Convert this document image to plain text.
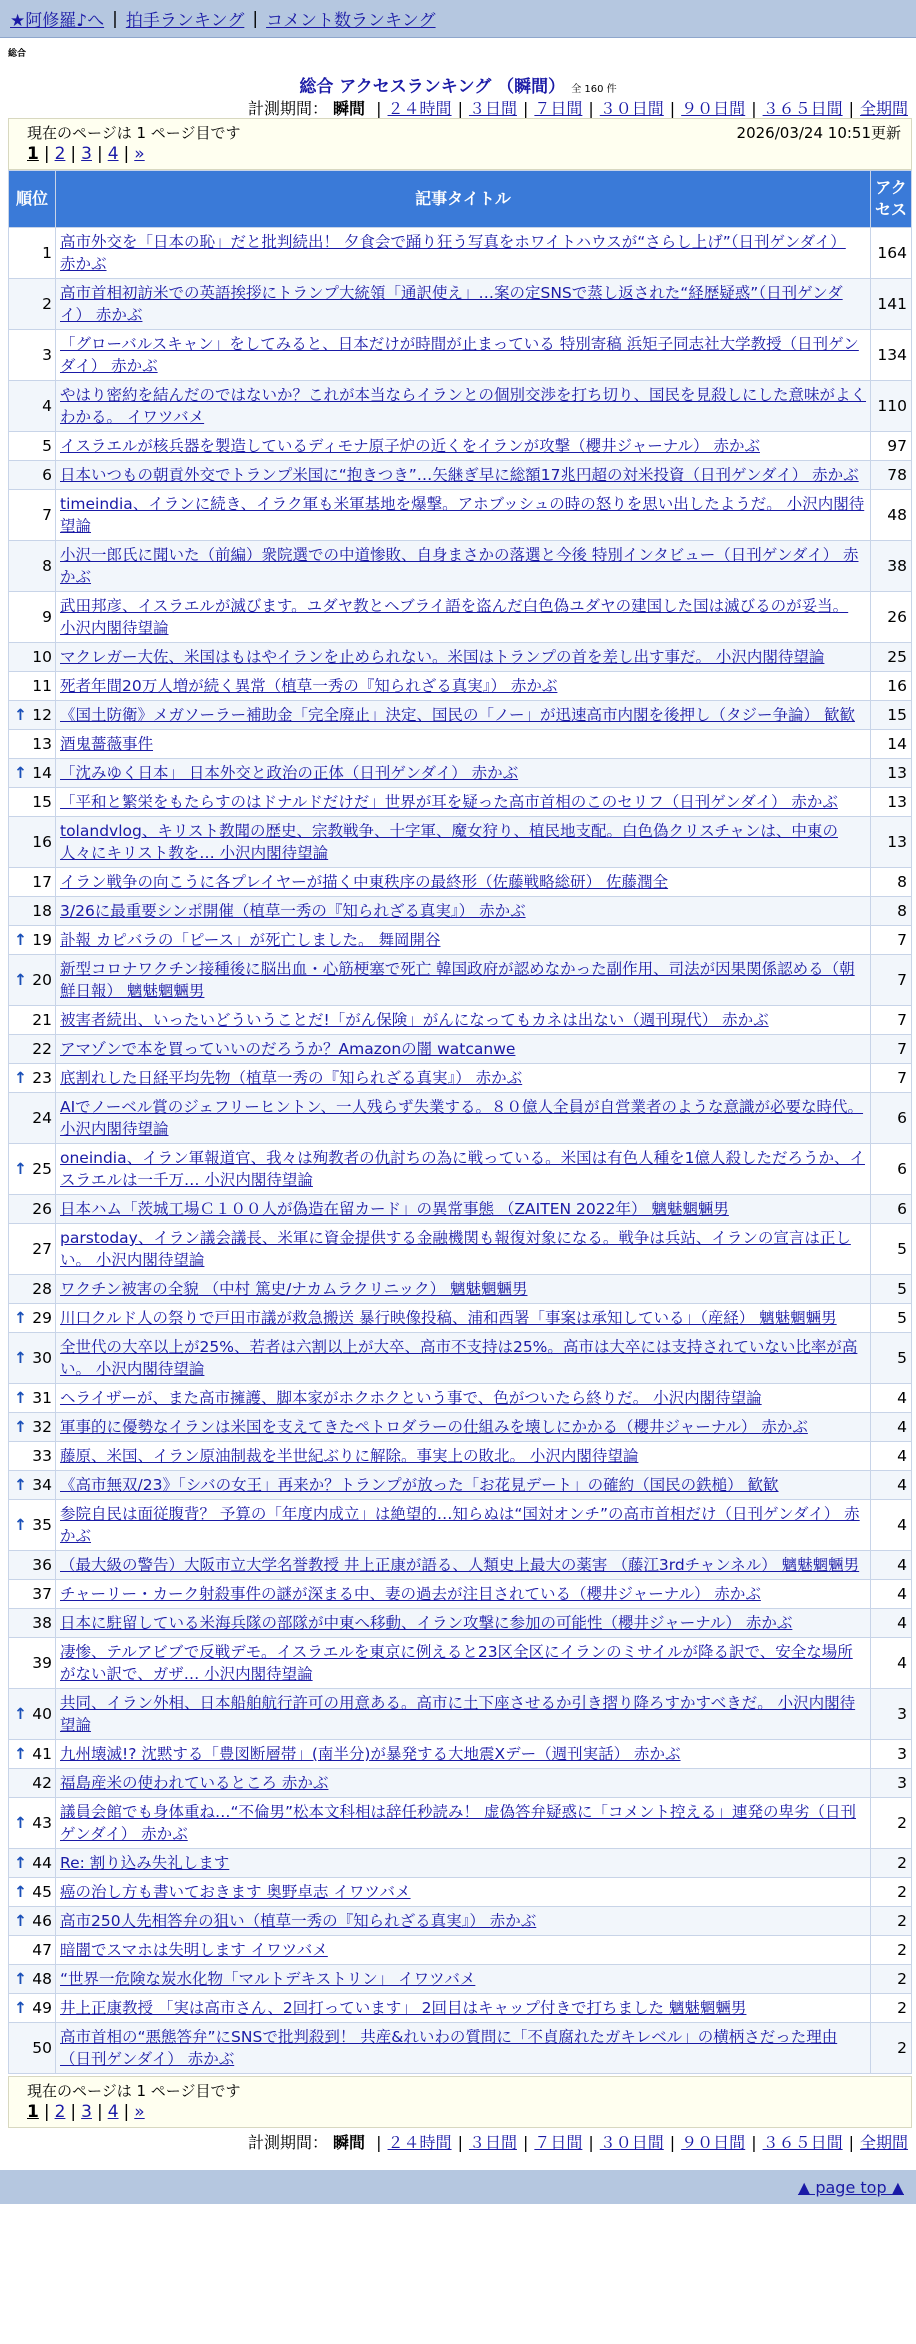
★阿修羅♪へ | 拍手ランキング | コメント数ランキング
総合
総合 アクセスランキング （瞬間） 全 160 件
計測期間： 瞬間 | ２４時間 | ３日間 | ７日間 | ３０日間 | ９０日間 | ３６５日間 | 全期間
現在のページは 1 ページ目です	2026/03/24 10:51更新
1 | 2 | 3 | 4 | »
順位	記事タイトル	アクセス
1	高市外交を「日本の恥」だと批判続出！ 夕食会で踊り狂う写真をホワイトハウスが“さらし上げ”（日刊ゲンダイ） 赤かぶ	164
2	高市首相初訪米での英語挨拶にトランプ大統領「通訳使え」…案の定SNSで蒸し返された“経歴疑惑”（日刊ゲンダイ） 赤かぶ	141
3	「グローバルスキャン」をしてみると、日本だけが時間が止まっている 特別寄稿 浜矩子同志社大学教授（日刊ゲンダイ） 赤かぶ	134
4	やはり密約を結んだのではないか？これが本当ならイランとの個別交渉を打ち切り、国民を見殺しにした意味がよくわかる。 イワツバメ	110
5	イスラエルが核兵器を製造しているディモナ原子炉の近くをイランが攻撃（櫻井ジャーナル） 赤かぶ	97
6	日本いつもの朝貢外交でトランプ米国に“抱きつき”…矢継ぎ早に総額17兆円超の対米投資（日刊ゲンダイ） 赤かぶ	78
7	timeindia、イランに続き、イラク軍も米軍基地を爆撃。アホブッシュの時の怒りを思い出したようだ。 小沢内閣待望論	48
8	小沢一郎氏に聞いた（前編）衆院選での中道惨敗、自身まさかの落選と今後 特別インタビュー（日刊ゲンダイ） 赤かぶ	38
9	武田邦彦、イスラエルが滅びます。ユダヤ教とヘブライ語を盗んだ白色偽ユダヤの建国した国は滅びるのが妥当。 小沢内閣待望論	26
10	マクレガー大佐、米国はもはやイランを止められない。米国はトランプの首を差し出す事だ。 小沢内閣待望論	25
11	死者年間20万人増が続く異常（植草一秀の『知られざる真実』） 赤かぶ	16

↑ 12	《国土防衛》メガソーラー補助金「完全廃止」決定、国民の「ノー」が迅速高市内閣を後押し（タジー争論） 歓歓	15
13	酒鬼薔薇事件	14

↑ 14	「沈みゆく日本」 日本外交と政治の正体（日刊ゲンダイ） 赤かぶ	13
15	「平和と繁栄をもたらすのはドナルドだけだ」世界が耳を疑った高市首相のこのセリフ（日刊ゲンダイ） 赤かぶ	13
16	tolandvlog、キリスト教聞の歴史、宗教戦争、十字軍、魔女狩り、植民地支配。白色偽クリスチャンは、中東の人々にキリスト教を… 小沢内閣待望論	13
17	イラン戦争の向こうに各プレイヤーが描く中東秩序の最終形（佐藤戦略総研） 佐藤潤全	8
18	3/26に最重要シンポ開催（植草一秀の『知られざる真実』） 赤かぶ	8

↑ 19	訃報 カピバラの「ピース」が死亡しました。 舞岡開谷	7

↑ 20	新型コロナワクチン接種後に脳出血・心筋梗塞で死亡 韓国政府が認めなかった副作用、司法が因果関係認める（朝鮮日報） 魑魅魍魎男	7
21	被害者続出、いったいどういうことだ!「がん保険」がんになってもカネは出ない（週刊現代） 赤かぶ	7
22	アマゾンで本を買っていいのだろうか？Amazonの闇 watcanwe	7

↑ 23	底割れした日経平均先物（植草一秀の『知られざる真実』） 赤かぶ	7
24	AIでノーベル賞のジェフリーヒントン、一人残らず失業する。８０億人全員が自営業者のような意識が必要な時代。 小沢内閣待望論	6

↑ 25	oneindia、イラン軍報道官、我々は殉教者の仇討ちの為に戦っている。米国は有色人種を1億人殺しただろうか、イスラエルは一千万… 小沢内閣待望論	6
26	日本ハム「茨城工場Ｃ１００人が偽造在留カード」の異常事態 （ZAITEN 2022年） 魑魅魍魎男	6
27	parstoday、イラン議会議長、米軍に資金提供する金融機関も報復対象になる。戦争は兵站、イランの宣言は正しい。 小沢内閣待望論	5
28	ワクチン被害の全貌 （中村 篤史/ナカムラクリニック） 魑魅魍魎男	5

↑ 29	川口クルド人の祭りで戸田市議が救急搬送 暴行映像投稿、浦和西署「事案は承知している」（産経） 魑魅魍魎男	5

↑ 30	全世代の大卒以上が25%、若者は六割以上が大卒、高市不支持は25%。高市は大卒には支持されていない比率が高い。 小沢内閣待望論	5

↑ 31	ヘライザーが、また高市擁護、脚本家がホクホクという事で、色がついたら終りだ。 小沢内閣待望論	4

↑ 32	軍事的に優勢なイランは米国を支えてきたペトロダラーの仕組みを壊しにかかる（櫻井ジャーナル） 赤かぶ	4
33	藤原、米国、イラン原油制裁を半世紀ぶりに解除。事実上の敗北。 小沢内閣待望論	4

↑ 34	《高市無双/23》「シバの女王」再来か？トランプが放った「お花見デート」の確約（国民の鉄槌） 歓歓	4

↑ 35	参院自民は面従腹背？ 予算の「年度内成立」は絶望的…知らぬは“国対オンチ”の高市首相だけ（日刊ゲンダイ） 赤かぶ	4
36	（最大級の警告）大阪市立大学名誉教授 井上正康が語る、人類史上最大の薬害 （藤江3rdチャンネル） 魑魅魍魎男	4
37	チャーリー・カーク射殺事件の謎が深まる中、妻の過去が注目されている（櫻井ジャーナル） 赤かぶ	4
38	日本に駐留している米海兵隊の部隊が中東へ移動、イラン攻撃に参加の可能性（櫻井ジャーナル） 赤かぶ	4
39	凄惨、テルアビブで反戦デモ。イスラエルを東京に例えると23区全区にイランのミサイルが降る訳で、安全な場所がない訳で、ガザ… 小沢内閣待望論	4

↑ 40	共同、イラン外相、日本船舶航行許可の用意ある。高市に土下座させるか引き摺り降ろすかすべきだ。 小沢内閣待望論	3

↑ 41	九州壊滅!? 沈黙する「豊図断層帯」(南半分)が暴発する大地震Xデー（週刊実話） 赤かぶ	3
42	福島産米の使われているところ 赤かぶ	3

↑ 43	議員会館でも身体重ね…“不倫男”松本文科相は辞任秒読み！ 虚偽答弁疑惑に「コメント控える」連発の卑劣（日刊ゲンダイ） 赤かぶ	2

↑ 44	Re: 割り込み失礼します	2

↑ 45	癌の治し方も書いておきます 奥野卓志 イワツバメ	2

↑ 46	高市250人先相答弁の狙い（植草一秀の『知られざる真実』） 赤かぶ	2
47	暗闇でスマホは失明します イワツバメ	2

↑ 48	“世界一危険な炭水化物「マルトデキストリン」 イワツバメ	2

↑ 49	井上正康教授 「実は高市さん、2回打っています」 2回目はキャップ付きで打ちました 魑魅魍魎男	2
50	高市首相の“悪態答弁”にSNSで批判殺到！ 共産&れいわの質問に「不貞腐れたガキレベル」の横柄さだった理由（日刊ゲンダイ） 赤かぶ	2
現在のページは 1 ページ目です
1 | 2 | 3 | 4 | »
計測期間： 瞬間 | ２４時間 | ３日間 | ７日間 | ３０日間 | ９０日間 | ３６５日間 | 全期間
▲ page top ▲
